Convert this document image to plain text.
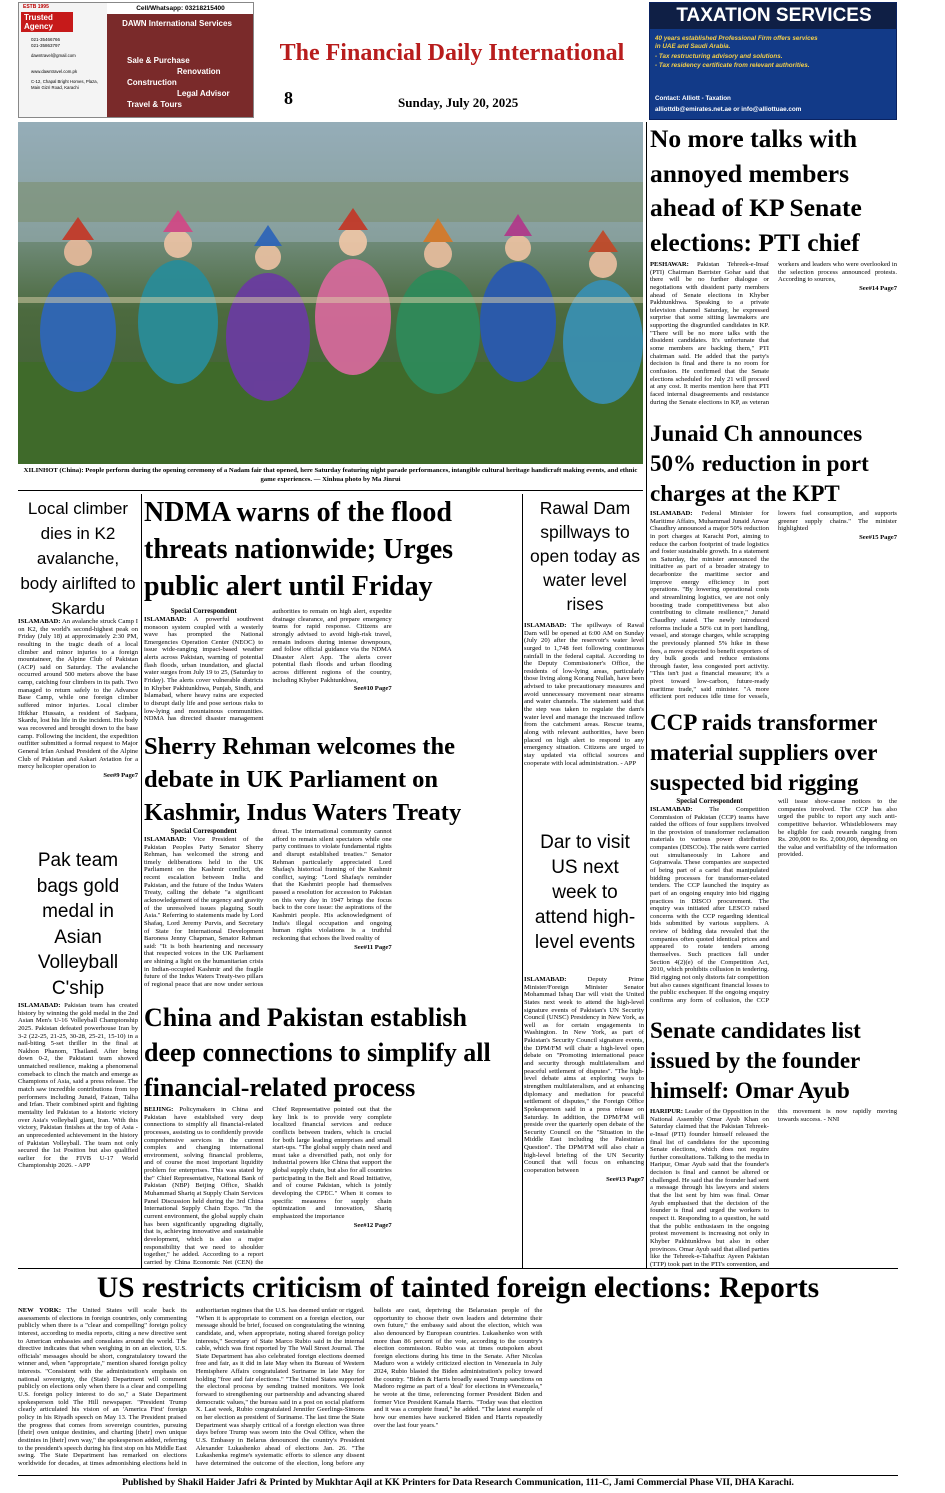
ESTB 1995
Trusted Agency
021-35466766
021-35863797
dawntravel@gmail.com
www.dawntravel.com.pk
C-12, Chapal Bright Homes, Plaza, Main Gizri Road, Karachi
Cell/Whatsapp: 03218215400
DAWN International Services
Sale & Purchase
Renovation
Construction
Legal Advisor
Travel & Tours
The Financial Daily International
8	Sunday, July 20, 2025
TAXATION SERVICES
40 years established Professional Firm offers services
in UAE and Saudi Arabia.
- Tax restructuring advisory and solutions.
- Tax residency certificate from relevant authorities.
Contact: Alliott - Taxation
alliottdb@emirates.net.ae or info@alliottuae.com
XILINHOT (China): People perform during the opening ceremony of a Nadam fair that opened, here Saturday featuring night parade performances, intangible cultural heritage handicraft making events, and ethnic game experiences. — Xinhua photo by Ma Jinrui
No more talks with annoyed members ahead of KP Senate elections: PTI chief
PESHAWAR: Pakistan Tehreek-e-Insaf (PTI) Chairman Barrister Gohar said that there will be no further dialogue or negotiations with dissident party members ahead of Senate elections in Khyber Pakhtunkhwa. Speaking to a private television channel Saturday, he expressed surprise that some sitting lawmakers are supporting the disgruntled candidates in KP. "There will be no more talks with the dissident candidates. It's unfortunate that some members are backing them," PTI chairman said. He added that the party's decision is final and there is no room for confusion. He confirmed that the Senate elections scheduled for July 21 will proceed at any cost. It merits mention here that PTI faced internal disagreements and resistance during the Senate elections in KP, as veteran workers and leaders who were overlooked in the selection process announced protests. According to sources,
See#14 Page7
Junaid Ch announces 50% reduction in port charges at the KPT
ISLAMABAD: Federal Minister for Maritime Affairs, Muhammad Junaid Anwar Chaudhry announced a major 50% reduction in port charges at Karachi Port, aiming to reduce the carbon footprint of trade logistics and foster sustainable growth. In a statement on Saturday, the minister announced the initiative as part of a broader strategy to decarbonize the maritime sector and improve energy efficiency in port operations. "By lowering operational costs and streamlining logistics, we are not only boosting trade competitiveness but also contributing to climate resilience," Junaid Chaudhry stated. The newly introduced reforms include a 50% cut in port handling, vessel, and storage charges, while scrapping the previously planned 5% hike in these fees, a move expected to benefit exporters of dry bulk goods and reduce emissions through faster, less congested port activity. "This isn't just a financial measure; it's a pivot toward low-carbon, future-ready maritime trade," said minister. "A more efficient port reduces idle time for vessels, lowers fuel consumption, and supports greener supply chains." The minister highlighted
See#15 Page7
CCP raids transformer material suppliers over suspected bid rigging
Special Correspondent
ISLAMABAD:	The Competition Commission of Pakistan (CCP) teams have raided the offices of four suppliers involved in the provision of transformer reclamation materials to various power distribution companies (DISCOs). The raids were carried out simultaneously in Lahore and Gujranwala. These companies are suspected of being part of a cartel that manipulated bidding processes for transformer-related tenders. The CCP launched the inquiry as part of an ongoing enquiry into bid rigging practices in DISCO procurement. The enquiry was initiated after LESCO raised concerns with the CCP regarding identical bids submitted by various suppliers. A review of bidding data revealed that the companies often quoted identical prices and appeared to rotate tenders among themselves. Such practices fall under Section 4(2)(e) of the Competition Act, 2010, which prohibits collusion in tendering. Bid rigging not only distorts fair competition but also causes significant financial losses to the public exchequer. If the ongoing enquiry confirms any form of collusion, the CCP will issue show-cause notices to the companies involved. The CCP has also urged the public to report any such anti-competitive behavior. Whistleblowers may be eligible for cash rewards ranging from Rs. 200,000 to Rs. 2,000,000, depending on the value and verifiability of the information provided.
Senate candidates list issued by the founder himself: Omar Ayub
HARIPUR: Leader of the Opposition in the National Assembly Omar Ayub Khan on Saturday claimed that the Pakistan Tehreek-e-Insaf (PTI) founder himself released the final list of candidates for the upcoming Senate elections, which does not require further consultations. Talking to the media in Haripur, Omar Ayub said that the founder's decision is final and cannot be altered or challenged. He said that the founder had sent a message through his lawyers and sisters that the list sent by him was final. Omar Ayub emphasised that the decision of the founder is final and urged the workers to respect it. Responding to a question, he said that the public enthusiasm in the ongoing protest movement is increasing not only in Khyber Pakhtunkhwa but also in other provinces. Omar Ayub said that allied parties like the Tehreek-e-Tahaffuz Ayeen Pakistan (TTP) took part in the PTI's convention, and this movement is now rapidly moving towards success. - NNI
Local climber dies in K2 avalanche, body airlifted to Skardu
ISLAMABAD: An avalanche struck Camp I on K2, the world's second-highest peak on Friday (July 18) at approximately 2:30 PM, resulting in the tragic death of a local climber and minor injuries to a foreign mountaineer, the Alpine Club of Pakistan (ACP) said on Saturday. The avalanche occurred around 500 meters above the base camp, catching four climbers in its path. Two managed to return safely to the Advance Base Camp, while one foreign climber suffered minor injuries. Local climber Iftikhar Hussain, a resident of Sadpara, Skardu, lost his life in the incident. His body was recovered and brought down to the base camp. Following the incident, the expedition outfitter submitted a formal request to Major General Irfan Arshad President of the Alpine Club of Pakistan and Askari Aviation for a mercy helicopter operation to
See#9 Page7
Pak team bags gold medal in Asian Volleyball C'ship
ISLAMABAD: Pakistan team has created history by winning the gold medal in the 2nd Asian Men's U-16 Volleyball Championship 2025. Pakistan defeated powerhouse Iran by 3-2 (22-25, 21-25, 30-28, 25-21, 15-10) in a nail-biting 5-set thriller in the final at Nakhon Phanom, Thailand. After being down 0-2, the Pakistani team showed unmatched resilience, making a phenomenal comeback to clinch the match and emerge as Champions of Asia, said a press release. The match saw incredible contributions from top performers including Junaid, Faizan, Talha and Irfan. Their combined spirit and fighting mentality led Pakistan to a historic victory over Asia's volleyball giant, Iran. With this victory, Pakistan finishes at the top of Asia - an unprecedented achievement in the history of Pakistan Volleyball. The team not only secured the 1st Position but also qualified earlier for the FIVB U-17 World Championship 2026. - APP
NDMA warns of the flood threats nationwide; Urges public alert until Friday
Special Correspondent
ISLAMABAD: A powerful southwest monsoon system coupled with a westerly wave has prompted the National Emergencies Operation Center (NEOC) to issue wide-ranging impact-based weather alerts across Pakistan, warning of potential flash floods, urban inundation, and glacial water surges from July 19 to 25, (Saturday to Friday). The alerts cover vulnerable districts in Khyber Pakhtunkhwa, Punjab, Sindh, and Islamabad, where heavy rains are expected to disrupt daily life and pose serious risks to low-lying and mountainous communities. NDMA has directed disaster management authorities to remain on high alert, expedite drainage clearance, and prepare emergency teams for rapid response. Citizens are strongly advised to avoid high-risk travel, remain indoors during intense downpours, and follow official guidance via the NDMA Disaster Alert App. The alerts cover potential flash floods and urban flooding across different regions of the country, including Khyber Pakhtunkhwa,
See#10 Page7
Rawal Dam spillways to open today as water level rises
ISLAMABAD: The spillways of Rawal Dam will be opened at 6:00 AM on Sunday (July 20) after the reservoir's water level surged to 1,748 feet following continuous rainfall in the federal capital. According to the Deputy Commissioner's Office, the residents of low-lying areas, particularly those living along Korang Nullah, have been advised to take precautionary measures and avoid unnecessary movement near streams and water channels. The statement said that the step was taken to regulate the dam's water level and manage the increased inflow from the catchment areas. Rescue teams, along with relevant authorities, have been placed on high alert to respond to any emergency situation. Citizens are urged to stay updated via official sources and cooperate with local administration. - APP
Sherry Rehman welcomes the debate in UK Parliament on Kashmir, Indus Waters Treaty
Special Correspondent
ISLAMABAD: Vice President of the Pakistan Peoples Party Senator Sherry Rehman, has welcomed the strong and timely deliberations held in the UK Parliament on the Kashmir conflict, the recent escalation between India and Pakistan, and the future of the Indus Waters Treaty, calling the debate "a significant acknowledgement of the urgency and gravity of the unresolved issues plaguing South Asia." Referring to statements made by Lord Shafaq, Lord Jeremy Purvis, and Secretary of State for International Development Baroness Jenny Chapman, Senator Rehman said: "It is both heartening and necessary that respected voices in the UK Parliament are shining a light on the humanitarian crisis in Indian-occupied Kashmir and the fragile future of the Indus Waters Treaty-two pillars of regional peace that are now under serious threat. The international community cannot afford to remain silent spectators while one party continues to violate fundamental rights and disrupt established treaties." Senator Rehman particularly appreciated Lord Shafaq's historical framing of the Kashmir conflict, saying: "Lord Shafaq's reminder that the Kashmiri people had themselves passed a resolution for accession to Pakistan on this very day in 1947 brings the focus back to the core issue: the aspirations of the Kashmiri people. His acknowledgment of India's illegal occupation and ongoing human rights violations is a truthful reckoning that echoes the lived reality of
See#11 Page7
Dar to visit US next week to attend high-level events
ISLAMABAD:	Deputy Prime Minister/Foreign Minister Senator Mohammad Ishaq Dar will visit the United States next week to attend the high-level signature events of Pakistan's UN Security Council (UNSC) Presidency in New York, as well as for certain engagements in Washington. In New York, as part of Pakistan's Security Council signature events, the DPM/FM will chair a high-level open debate on "Promoting international peace and security through multilateralism and peaceful settlement of disputes". "The high-level debate aims at exploring ways to strengthen multilateralism, and at enhancing diplomacy and mediation for peaceful settlement of disputes," the Foreign Office Spokesperson said in a press release on Saturday. In addition, the DPM/FM will preside over the quarterly open debate of the Security Council on the "Situation in the Middle East including the Palestinian Question". The DPM/FM will also chair a high-level briefing of the UN Security Council that will focus on enhancing cooperation between
See#13 Page7
China and Pakistan establish deep connections to simplify all financial-related process
BEIJING: Policymakers in China and Pakistan have established very deep connections to simplify all financial-related processes, assisting us to confidently provide comprehensive services in the current complex and changing international environment, solving financial problems, and of course the most important liquidity problem for enterprises. This was stated by the" Chief Representative, National Bank of Pakistan (NBP) Beijing Office, Shaikh Muhammad Shariq at Supply Chain Services Panel Discussion held during the 3rd China International Supply Chain Expo. "In the current environment, the global supply chain has been significantly upgrading digitally, that is, achieving innovative and sustainable development, which is also a major responsibility that we need to shoulder together," he added. According to a report carried by China Economic Net (CEN) the Chief Representative pointed out that the key link is to provide very complete localized financial services and reduce conflicts between traders, which is crucial for both large leading enterprises and small start-ups. "The global supply chain need and must take a diversified path, not only for industrial powers like China that support the global supply chain, but also for all countries participating in the Belt and Road Initiative, and of course Pakistan, which is jointly developing the CPEC." When it comes to specific measures for supply chain optimization and innovation, Shariq emphasized the importance
See#12 Page7
US restricts criticism of tainted foreign elections: Reports
NEW YORK: The United States will scale back its assessments of elections in foreign countries, only commenting publicly when there is a "clear and compelling" foreign policy interest, according to media reports, citing a new directive sent to American embassies and consulates around the world. The directive indicates that when weighing in on an election, U.S. officials' messages should be short, congratulatory toward the winner and, when "appropriate," mention shared foreign policy interests. "Consistent with the administration's emphasis on national sovereignty, the (State) Department will comment publicly on elections only when there is a clear and compelling U.S. foreign policy interest to do so," a State Department spokesperson told The Hill newspaper. "President Trump clearly articulated his vision of an 'America First' foreign policy in his Riyadh speech on May 13. The President praised the progress that comes from sovereign countries, pursuing [their] own unique destinies, and charting [their] own unique destinies in [their] own way," the spokesperson added, referring to the president's speech during his first stop on his Middle East swing. The State Department has remarked on elections worldwide for decades, at times admonishing elections held in authoritarian regimes that the U.S. has deemed unfair or rigged. "When it is appropriate to comment on a foreign election, our message should be brief, focused on congratulating the winning candidate, and, when appropriate, noting shared foreign policy interests," Secretary of State Marco Rubio said in the internal cable, which was first reported by The Wall Street Journal. The State Department has also celebrated foreign elections deemed free and fair, as it did in late May when its Bureau of Western Hemisphere Affairs congratulated Suriname in late May for holding "free and fair elections." "The United States supported the electoral process by sending trained monitors. We look forward to strengthening our partnership and advancing shared democratic values," the bureau said in a post on social platform X. Last week, Rubio congratulated Jennifer Geerlings-Simons on her election as president of Suriname. The last time the State Department was sharply critical of a foreign election was three days before Trump was sworn into the Oval Office, when the U.S. Embassy in Belarus denounced the country's President Alexander Lukashenko ahead of elections Jan. 26. "The Lukashenka regime's systematic efforts to silence any dissent have determined the outcome of the election, long before any ballots are cast, depriving the Belarusian people of the opportunity to choose their own leaders and determine their own future," the embassy said about the election, which was also denounced by European countries. Lukashenko won with more than 86 percent of the vote, according to the country's election commission. Rubio was at times outspoken about foreign elections during his time in the Senate. After Nicolas Maduro won a widely criticized election in Venezuela in July 2024, Rubio blasted the Biden administration's policy toward the country. "Biden & Harris broadly eased Trump sanctions on Madoro regime as part of a 'deal' for elections in #Venezuela," he wrote at the time, referencing former President Biden and former Vice President Kamala Harris. "Today was that election and it was a complete fraud," he added. "The latest example of how our enemies have suckered Biden and Harris repeatedly over the last four years."
Published by Shakil Haider Jafri & Printed by Mukhtar Aqil at KK Printers for Data Research Communication, 111-C, Jami Commercial Phase VII, DHA Karachi.
